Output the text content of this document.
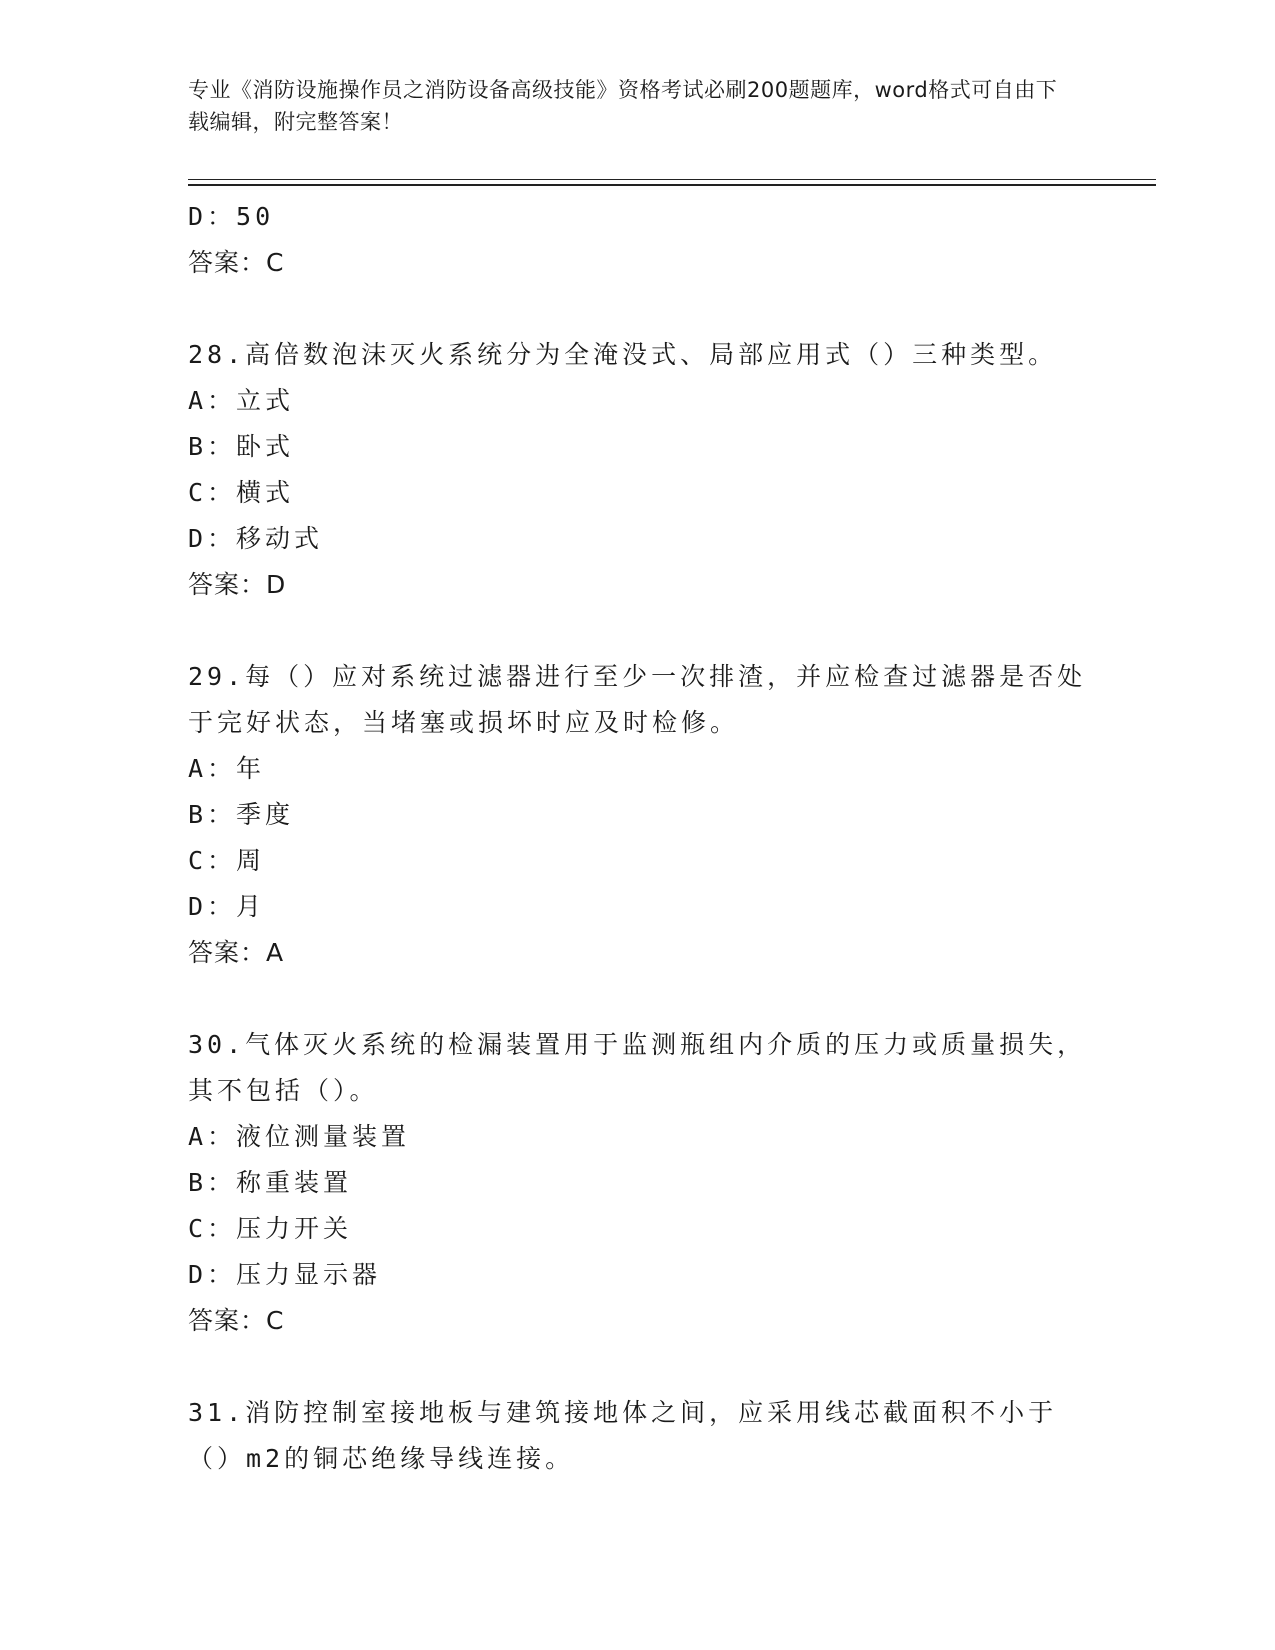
专业《消防设施操作员之消防设备高级技能》资格考试必刷200题题库，word格式可自由下载编辑，附完整答案！

D：50

答案：C

28.高倍数泡沫灭火系统分为全淹没式、局部应用式（）三种类型。

A：立式

B：卧式

C：横式

D：移动式

答案：D

29.每（）应对系统过滤器进行至少一次排渣，并应检查过滤器是否处于完好状态，当堵塞或损坏时应及时检修。

A：年

B：季度

C：周

D：月

答案：A

30.气体灭火系统的检漏装置用于监测瓶组内介质的压力或质量损失，其不包括（）。

A：液位测量装置

B：称重装置

C：压力开关

D：压力显示器

答案：C

31.消防控制室接地板与建筑接地体之间，应采用线芯截面积不小于（）m2的铜芯绝缘导线连接。
